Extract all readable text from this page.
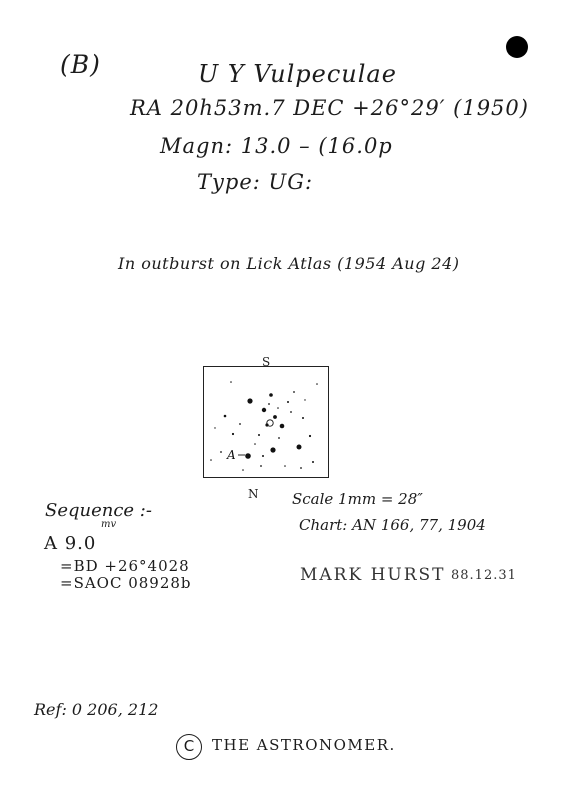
(B)	U Y Vulpeculae
RA 20h53m.7 DEC +26°29′ (1950)
Magn: 13.0 – (16.0p
Type: UG:
In outburst on Lick Atlas (1954 Aug 24)
S
A
N
Sequence :-
mv
A 9.0
=BD +26°4028
=SAOC 08928b
Scale 1mm = 28″
Chart: AN 166, 77, 1904
MARK HURST 88.12.31
Ref: 0 206, 212
C	THE ASTRONOMER.
